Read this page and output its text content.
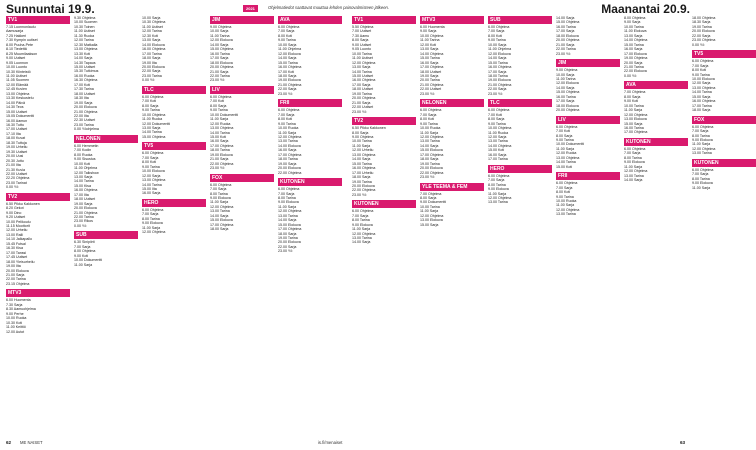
Sunnuntai 19.9.	2021	Ohjelmatiedot saattavat muuttua lehden painovalmisteen jälkeen.	Maanantai 20.9.
TV1
7.15 Luonnonlaulu
Aamusarja
7.25 Hakkeri
7.30 Kympin uutiset
8.00 Puuha-Pete
8.10 Tiedettä
8.25 Muumilaakson
9.00 Uutiset
9.05 Luonnon
10.00 Luonto
10.30 Kiinteistö
11.00 Uutiset
11.05 Suomen
12.00 Elämää
12.45 Kuvien
13.00 Ohjelma
13.30 Keskustelu
14.00 Päivä
14.30 Teos
15.00 Uutiset
15.05 Dokumentti
16.00 Aamun
16.30 Tuttu
17.00 Uutiset
17.10 Ilta
18.00 Kuvat
18.30 Tuttuja
19.00 Urheilu
19.30 Uutiset
20.00 Uusi
20.30 Juttu
21.00 Ilta
21.30 Kuvia
22.00 Uutiset
22.20 Ohjelma
23.00 Tarinat
0.00 Yö
TV2
6.50 Pikku Kakkonen
8.20 Gekot
9.00 Dino
9.20 Uutiset
10.00 Pelikoulu
11.15 Moottorit
12.00 Urheilu
13.00 Ralli
14.10 Jalkapallo
15.45 Futsal
16.30 Kisa
17.00 Tanssi
17.45 Uutiset
18.00 Yleisurheilu
19.00 Ilta
20.00 Elokuva
21.00 Sarja
22.00 Tarina
23.15 Ohjelma
MTV3
6.00 Huomenta
7.30 Sarja
8.30 Aamuohjelma
9.00 Perhe
10.00 Ruoka
10.30 Koti
11.00 Keittiö
12.00 Autot
9.30 Ohjelma
10.00 Suomen
10.30 Toinen
11.00 Uutiset
11.30 Ruoka
12.00 Tarina
12.30 Matkalla
13.00 Ohjelma
13.30 Koti
14.00 Sarja
14.30 Tapaus
15.00 Uutiset
15.30 Tutkimus
16.00 Ruoka
16.30 Ohjelma
17.00 Koti
17.30 Tarina
18.00 Uutiset
18.30 Ilta
19.00 Sarja
20.00 Elokuva
21.00 Ohjelma
22.00 Ilta
22.30 Uutiset
23.00 Tarina
0.00 Yöohjelma
NELONEN
6.00 Hemmetin
7.00 Kodin
8.00 Ruoka
9.00 Sisustus
10.00 Koti
11.00 Ohjelma
12.00 Talkshow
13.00 Sarja
14.00 Tarina
15.00 Kisa
16.00 Ohjelma
17.00 Ilta
18.00 Uutiset
19.00 Sarja
20.00 Elokuva
21.00 Ohjelma
22.00 Tarina
23.00 Rikos
0.00 Yö
SUB
6.30 Sinipiirti
7.00 Sarja
8.00 Ohjelma
9.00 Koti
10.00 Dokumentti
11.00 Sarja
10.00 Sarja
10.30 Ohjelma
11.00 Uutiset
12.00 Tarina
12.30 Koti
13.00 Sarja
14.00 Elokuva
16.00 Ohjelma
17.00 Tarina
18.00 Sarja
19.00 Ilta
20.00 Elokuva
22.00 Sarja
23.00 Tarina
0.00 Yö
TLC
6.00 Ohjelma
7.00 Koti
8.00 Sarja
9.00 Tarina
10.00 Ohjelma
11.00 Ruoka
12.00 Dokumentti
13.00 Sarja
14.00 Tarina
15.00 Ohjelma
TV5
6.00 Ohjelma
7.00 Sarja
8.00 Koti
9.00 Tarina
10.00 Elokuva
12.00 Sarja
13.00 Ohjelma
14.00 Tarina
15.00 Ilta
16.00 Sarja
HERO
6.00 Ohjelma
7.00 Sarja
8.00 Tarina
9.00 Elokuva
11.00 Sarja
12.00 Ohjelma
JIM
9.00 Ohjelma
10.00 Sarja
11.00 Tarina
12.00 Elokuva
14.00 Sarja
15.00 Ohjelma
16.00 Tarina
17.00 Sarja
18.00 Elokuva
20.00 Ohjelma
21.00 Sarja
22.00 Tarina
23.00 Yö
LIV
6.00 Ohjelma
7.00 Koti
8.00 Sarja
9.00 Tarina
10.00 Dokumentti
11.00 Sarja
12.00 Ruoka
13.00 Ohjelma
14.00 Tarina
15.00 Koti
16.00 Sarja
17.00 Ohjelma
18.00 Tarina
19.00 Elokuva
21.00 Sarja
22.00 Ohjelma
23.00 Yö
FOX
6.00 Ohjelma
7.00 Sarja
8.00 Tarina
9.00 Elokuva
11.00 Sarja
12.00 Ohjelma
13.00 Tarina
14.00 Sarja
15.00 Elokuva
17.00 Ohjelma
18.00 Sarja
AVA
6.00 Ohjelma
7.00 Sarja
8.00 Koti
9.00 Tarina
10.00 Sarja
11.00 Ohjelma
12.00 Elokuva
14.00 Sarja
15.00 Tarina
16.00 Ohjelma
17.00 Koti
18.00 Sarja
19.00 Elokuva
21.00 Ohjelma
22.00 Sarja
23.00 Yö
FRII
6.00 Ohjelma
7.00 Sarja
8.00 Koti
9.00 Tarina
10.00 Ruoka
11.00 Sarja
12.00 Ohjelma
13.00 Tarina
14.00 Elokuva
16.00 Sarja
17.00 Ohjelma
18.00 Tarina
19.00 Sarja
20.00 Elokuva
22.00 Ohjelma
KUTONEN
6.00 Ohjelma
7.00 Sarja
8.00 Tarina
9.00 Elokuva
11.00 Sarja
12.00 Ohjelma
13.00 Tarina
14.00 Sarja
15.00 Elokuva
17.00 Ohjelma
18.00 Sarja
19.00 Tarina
20.00 Elokuva
22.00 Sarja
23.00 Yö
TV1
5.50 Ohjelma
7.00 Uutiset
7.30 Aamu
8.00 Sarja
9.00 Uutiset
9.05 Luonto
10.00 Tarina
11.00 Uutiset
12.00 Ohjelma
13.00 Sarja
14.00 Tarina
15.00 Uutiset
16.00 Ohjelma
17.00 Sarja
18.00 Uutiset
19.00 Tarina
20.00 Ohjelma
21.00 Sarja
22.00 Uutiset
23.00 Yö
TV2
6.50 Pikku Kakkonen
8.00 Sarja
9.00 Ohjelma
10.00 Tarina
11.00 Sarja
12.00 Urheilu
13.00 Ohjelma
14.00 Sarja
15.00 Tarina
16.00 Ohjelma
17.00 Urheilu
18.00 Sarja
19.00 Tarina
20.00 Elokuva
22.00 Ohjelma
23.00 Yö
KUTONEN
6.00 Ohjelma
7.00 Sarja
8.00 Tarina
9.00 Elokuva
11.00 Sarja
12.00 Ohjelma
13.00 Tarina
14.00 Sarja
MTV3
6.00 Huomenta
9.00 Sarja
10.00 Ohjelma
11.00 Tarina
12.00 Koti
13.00 Sarja
14.00 Ohjelma
15.00 Tarina
16.00 Sarja
17.00 Ohjelma
18.00 Uutiset
19.00 Sarja
20.00 Tarina
21.00 Ohjelma
22.00 Uutiset
23.00 Yö
NELONEN
6.00 Ohjelma
7.00 Sarja
8.00 Koti
9.00 Tarina
10.00 Ruoka
11.00 Sarja
12.00 Ohjelma
13.00 Tarina
14.00 Sarja
15.00 Elokuva
17.00 Ohjelma
18.00 Sarja
19.00 Tarina
20.00 Elokuva
22.00 Ohjelma
23.00 Yö
YLE TEEMA & FEM
7.00 Ohjelma
8.00 Sarja
9.00 Dokumentti
10.00 Tarina
11.00 Sarja
12.00 Ohjelma
13.00 Elokuva
15.00 Sarja
SUB
6.00 Ohjelma
7.00 Sarja
8.00 Koti
9.00 Tarina
10.00 Sarja
11.00 Ohjelma
12.00 Elokuva
14.00 Sarja
15.00 Tarina
16.00 Ohjelma
17.00 Sarja
18.00 Tarina
19.00 Elokuva
21.00 Ohjelma
22.00 Sarja
23.00 Yö
TLC
6.00 Ohjelma
7.00 Koti
8.00 Sarja
9.00 Tarina
10.00 Ohjelma
11.00 Ruoka
12.00 Sarja
13.00 Tarina
14.00 Ohjelma
15.00 Koti
16.00 Sarja
17.00 Tarina
HERO
6.00 Ohjelma
7.00 Sarja
8.00 Tarina
9.00 Elokuva
11.00 Sarja
12.00 Ohjelma
13.00 Tarina
14.00 Sarja
15.00 Ohjelma
16.00 Tarina
17.00 Sarja
18.00 Elokuva
20.00 Ohjelma
21.00 Sarja
22.00 Tarina
23.00 Yö
JIM
9.00 Ohjelma
10.00 Sarja
11.00 Tarina
12.00 Elokuva
14.00 Sarja
15.00 Ohjelma
16.00 Tarina
17.00 Sarja
18.00 Elokuva
20.00 Ohjelma
LIV
6.00 Ohjelma
7.00 Koti
8.00 Sarja
9.00 Tarina
10.00 Dokumentti
11.00 Sarja
12.00 Ruoka
13.00 Ohjelma
14.00 Tarina
15.00 Koti
FRII
6.00 Ohjelma
7.00 Sarja
8.00 Koti
9.00 Tarina
10.00 Ruoka
11.00 Sarja
12.00 Ohjelma
13.00 Tarina
8.00 Ohjelma
9.00 Sarja
10.00 Tarina
11.00 Elokuva
13.00 Sarja
14.00 Ohjelma
15.00 Tarina
16.00 Sarja
17.00 Elokuva
19.00 Ohjelma
20.00 Sarja
21.00 Tarina
22.00 Elokuva
0.00 Yö
AVA
7.00 Ohjelma
8.00 Sarja
9.00 Koti
10.00 Tarina
11.00 Sarja
12.00 Ohjelma
13.00 Elokuva
15.00 Sarja
16.00 Tarina
17.00 Ohjelma
KUTONEN
6.00 Ohjelma
7.00 Sarja
8.00 Tarina
9.00 Elokuva
11.00 Sarja
12.00 Ohjelma
13.00 Tarina
14.00 Sarja
18.00 Ohjelma
18.30 Sarja
19.00 Tarina
20.00 Elokuva
22.00 Sarja
23.00 Ohjelma
0.00 Yö
TV5
6.00 Ohjelma
7.00 Sarja
8.00 Koti
9.00 Tarina
10.00 Elokuva
12.00 Sarja
13.00 Ohjelma
14.00 Tarina
15.00 Sarja
16.00 Ohjelma
17.00 Tarina
18.00 Sarja
FOX
6.00 Ohjelma
7.00 Sarja
8.00 Tarina
9.00 Elokuva
11.00 Sarja
12.00 Ohjelma
13.00 Tarina
KUTONEN
6.00 Ohjelma
7.00 Sarja
8.00 Tarina
9.00 Elokuva
11.00 Sarja
62 ME NAISET	is.fi/menaiset	63
